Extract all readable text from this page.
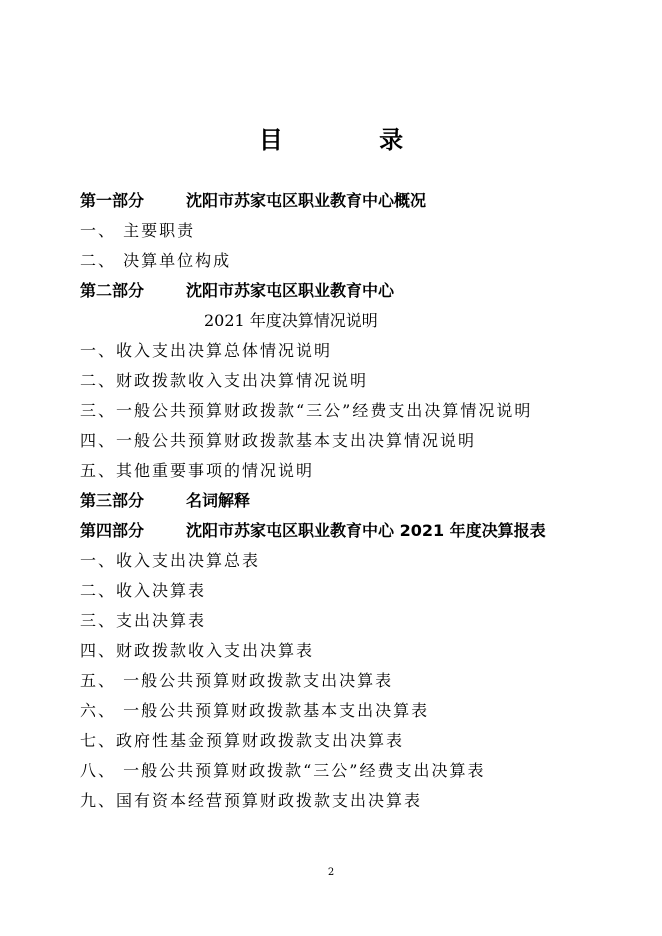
目 录
第一部分	沈阳市苏家屯区职业教育中心概况
一、 主要职责
二、 决算单位构成
第二部分	沈阳市苏家屯区职业教育中心
2021 年度决算情况说明
一、收入支出决算总体情况说明
二、财政拨款收入支出决算情况说明
三、一般公共预算财政拨款“三公”经费支出决算情况说明
四、一般公共预算财政拨款基本支出决算情况说明
五、其他重要事项的情况说明
第三部分	名词解释
第四部分	沈阳市苏家屯区职业教育中心 2021 年度决算报表
一、收入支出决算总表
二、收入决算表
三、支出决算表
四、财政拨款收入支出决算表
五、 一般公共预算财政拨款支出决算表
六、 一般公共预算财政拨款基本支出决算表
七、政府性基金预算财政拨款支出决算表
八、 一般公共预算财政拨款“三公”经费支出决算表
九、国有资本经营预算财政拨款支出决算表
2
